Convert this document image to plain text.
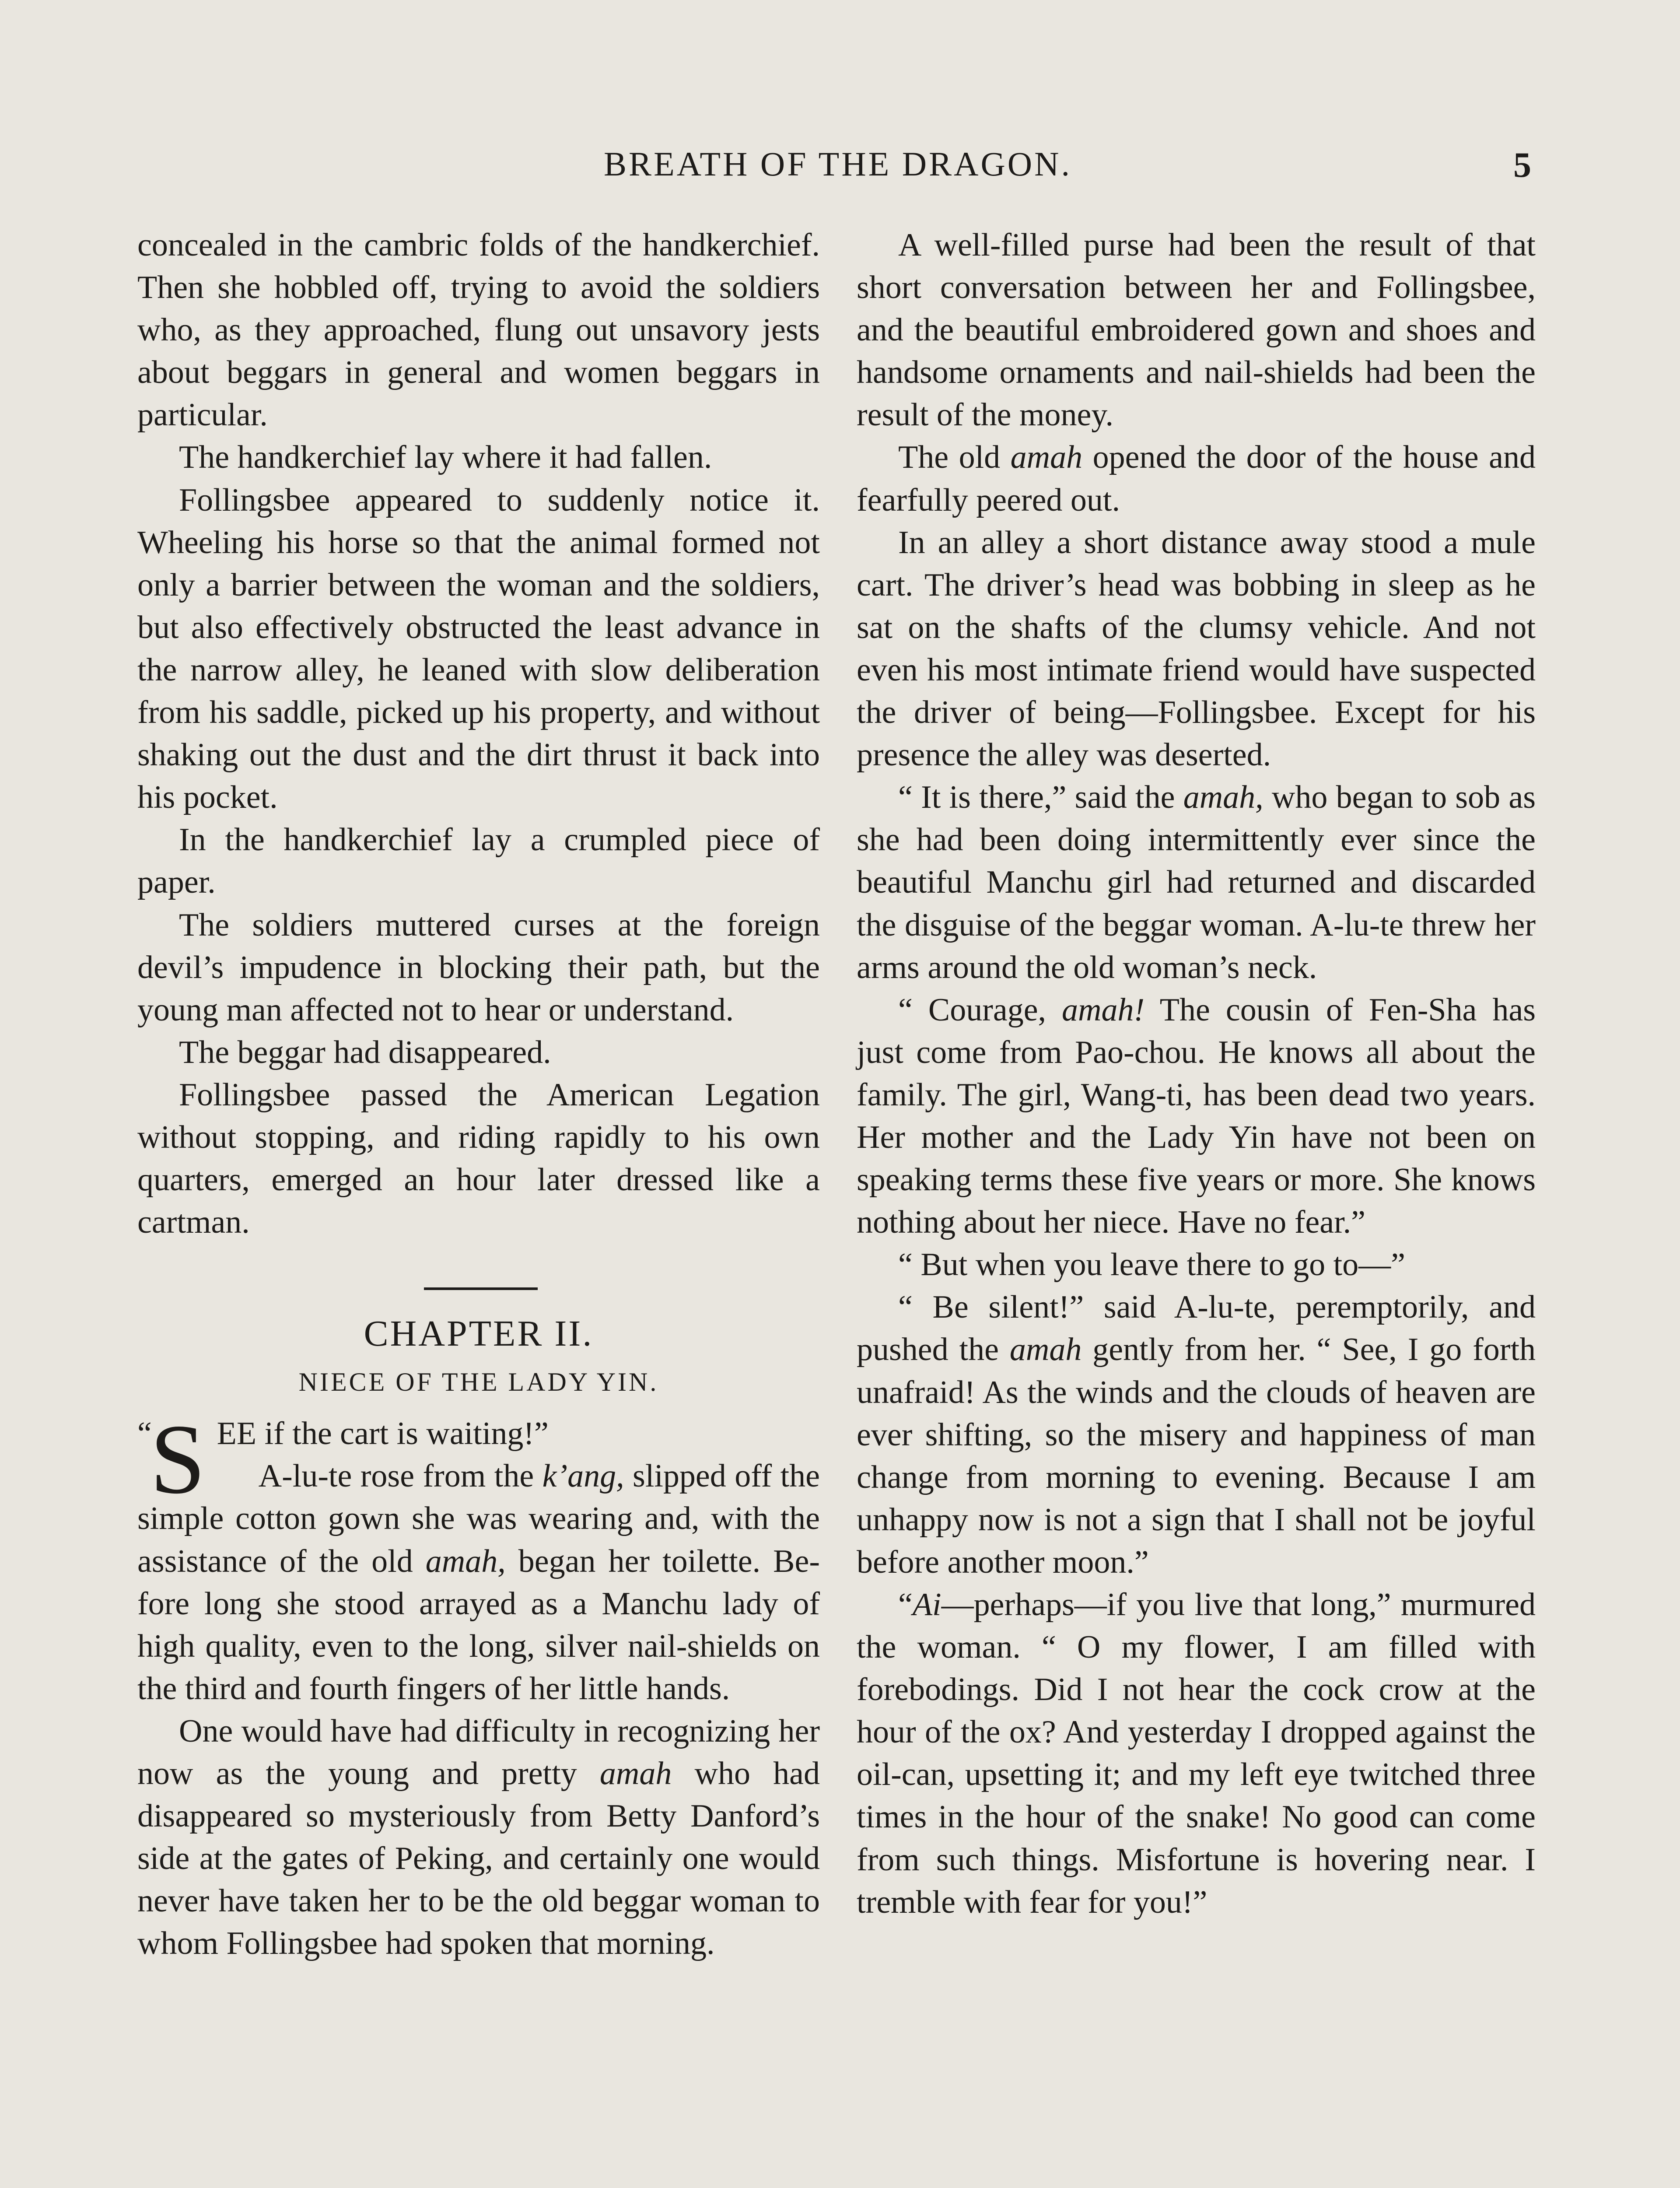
BREATH OF THE DRAGON.	5

concealed in the cambric folds of the handkerchief. Then she hobbled off, trying to avoid the soldiers who, as they approached, flung out unsavory jests about beggars in general and women beggars in particular.

The handkerchief lay where it had fallen.

Follingsbee appeared to suddenly notice it. Wheeling his horse so that the animal formed not only a barrier between the woman and the soldiers, but also effectively obstructed the least advance in the narrow alley, he leaned with slow deliberation from his saddle, picked up his property, and without shaking out the dust and the dirt thrust it back into his pocket.

In the handkerchief lay a crumpled piece of paper.

The soldiers muttered curses at the foreign devil’s impudence in blocking their path, but the young man affected not to hear or understand.

The beggar had disappeared.

Follingsbee passed the American Legation without stopping, and riding rapidly to his own quarters, emerged an hour later dressed like a cartman.

CHAPTER II.
NIECE OF THE LADY YIN.

“
S EE if the cart is waiting!”
A-lu-te rose from the k’ang, slipped off the simple cotton gown she was wearing and, with the assistance of the old amah, began her toilette. Before long she stood arrayed as a Manchu lady of high quality, even to the long, silver nail-shields on the third and fourth fingers of her little hands.

One would have had difficulty in recognizing her now as the young and pretty amah who had disappeared so mysteriously from Betty Danford’s side at the gates of Peking, and certainly one would never have taken her to be the old beggar woman to whom Follingsbee had spoken that morning.

A well-filled purse had been the result of that short conversation between her and Follingsbee, and the beautiful embroidered gown and shoes and handsome ornaments and nail-shields had been the result of the money.

The old amah opened the door of the house and fearfully peered out.

In an alley a short distance away stood a mule cart. The driver’s head was bobbing in sleep as he sat on the shafts of the clumsy vehicle. And not even his most intimate friend would have suspected the driver of being—Follingsbee. Except for his presence the alley was deserted.

“ It is there,” said the amah, who began to sob as she had been doing intermittently ever since the beautiful Manchu girl had returned and discarded the disguise of the beggar woman. A-lu-te threw her arms around the old woman’s neck.

“ Courage, amah! The cousin of Fen-Sha has just come from Pao-chou. He knows all about the family. The girl, Wang-ti, has been dead two years. Her mother and the Lady Yin have not been on speaking terms these five years or more. She knows nothing about her niece. Have no fear.”

“ But when you leave there to go to—”

“ Be silent!” said A-lu-te, peremptorily, and pushed the amah gently from her. “ See, I go forth unafraid! As the winds and the clouds of heaven are ever shifting, so the misery and happiness of man change from morning to evening. Because I am unhappy now is not a sign that I shall not be joyful before another moon.”

“Ai—perhaps—if you live that long,” murmured the woman. “ O my flower, I am filled with forebodings. Did I not hear the cock crow at the hour of the ox? And yesterday I dropped against the oil-can, upsetting it; and my left eye twitched three times in the hour of the snake! No good can come from such things. Misfortune is hovering near. I tremble with fear for you!”
